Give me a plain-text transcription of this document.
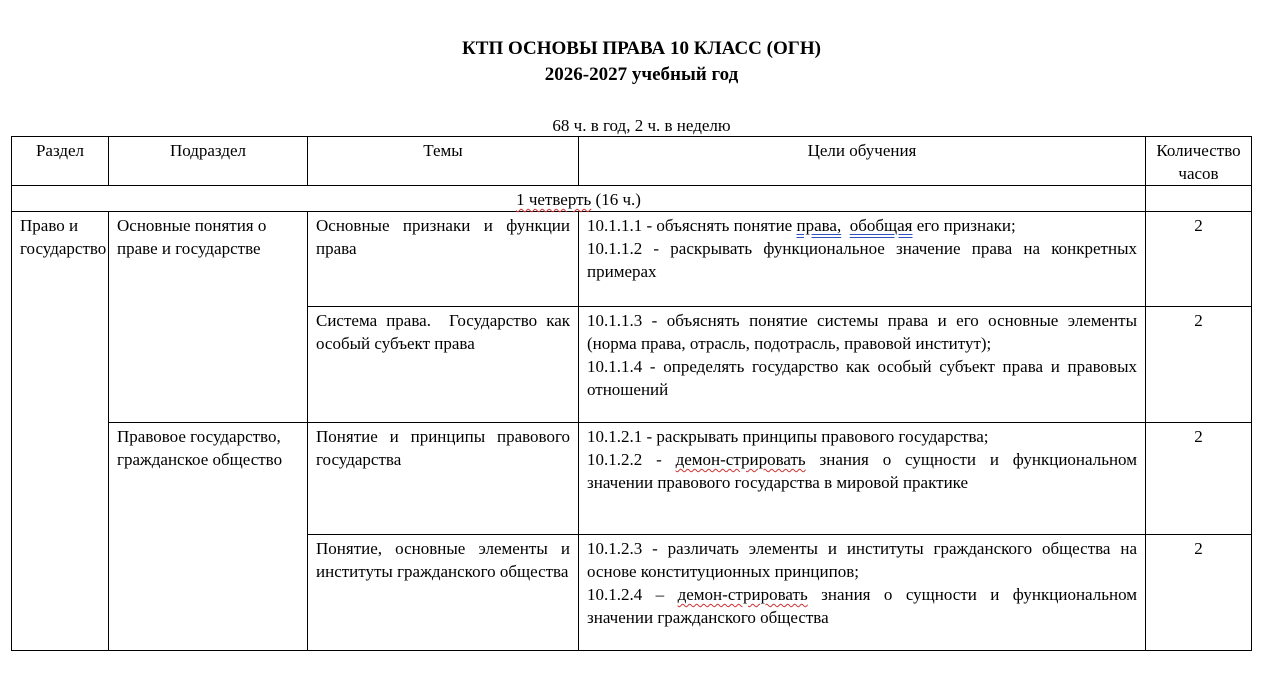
КТП ОСНОВЫ ПРАВА 10 КЛАСС (ОГН)
2026-2027 учебный год
68 ч. в год, 2 ч. в неделю
Раздел	Подраздел	Темы	Цели обучения	Количество часов
1 четверть (16 ч.)				
Право и государство	Основные понятия о праве и государстве	Основные признаки и функции права	10.1.1.1 - объяснять понятие права, обобщая его признаки;
10.1.1.2 - раскрывать функциональное значение права на конкретных примерах	2
		Система права.  Государство как особый субъект права	10.1.1.3 - объяснять понятие системы права и его основные элементы (норма права, отрасль, подотрасль, правовой институт);
10.1.1.4 - определять государство как особый субъект права и правовых отношений	2
	Правовое государство, гражданское общество	Понятие и принципы правового государства	10.1.2.1 - раскрывать принципы правового государства;
10.1.2.2 - демон-стрировать знания о сущности и функциональном значении правового государства в мировой практике	2
		Понятие, основные элементы и институты гражданского общества	10.1.2.3 - различать элементы и институты гражданского общества на основе конституционных принципов;
10.1.2.4 – демон-стрировать знания о сущности и функциональном значении гражданского общества	2
